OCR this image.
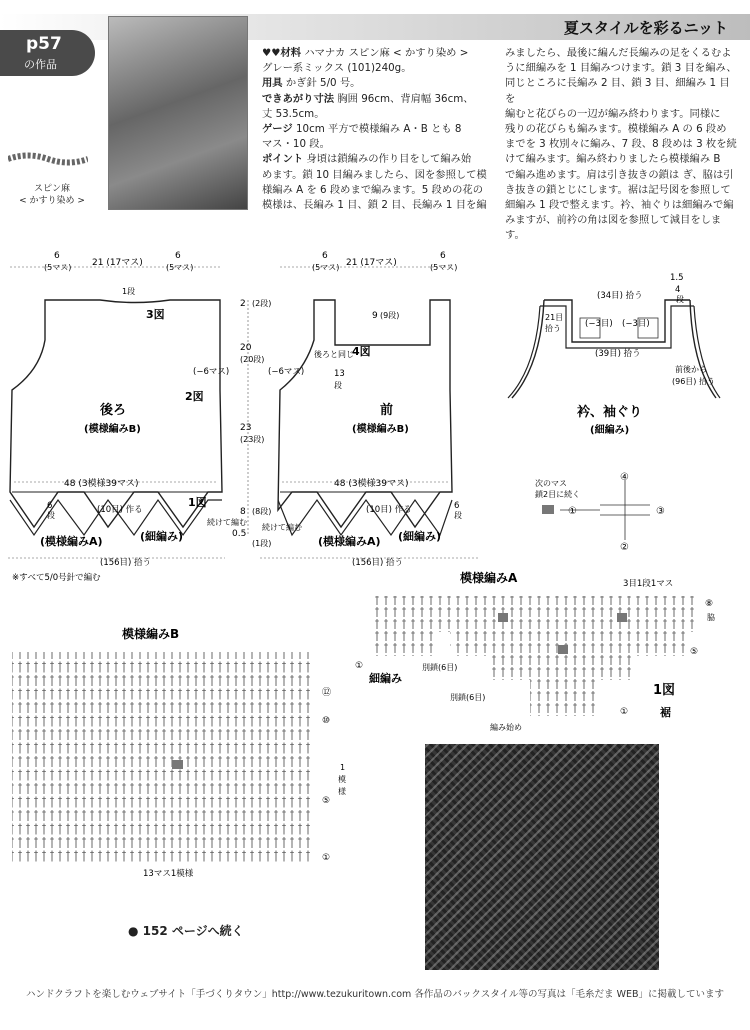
夏スタイルを彩るニット
p57
の作品
スピン麻
< かすり染め >

♥♥材料 ハマナカ スピン麻 < かすり染め >

グレー系ミックス (101)240g。

用具 かぎ針 5/0 号。

できあがり寸法 胸囲 96cm、背肩幅 36cm、

丈 53.5cm。

ゲージ 10cm 平方で模様編み A・B とも 8

マス・10 段。

ポイント 身頃は鎖編みの作り目をして編み始

めます。鎖 10 目編みましたら、図を参照して模

様編み A を 6 段めまで編みます。5 段めの花の

模様は、長編み 1 目、鎖 2 目、長編み 1 目を編

みましたら、最後に編んだ長編みの足をくるむよ
うに細編みを 1 目編みつけます。鎖 3 目を編み、
同じところに長編み 2 目、鎖 3 目、細編み 1 目を
編むと花びらの一辺が編み終わります。同様に
残りの花びらも編みます。模様編み A の 6 段め
までを 3 枚別々に編み、7 段、8 段めは 3 枚を続
けて編みます。編み終わりましたら模様編み B
で編み進めます。肩は引き抜きの鎖は ぎ、脇は引
き抜きの鎖とじにします。裾は記号図を参照して
細編み 1 段で整えます。衿、袖ぐりは細編みで編
みますが、前衿の角は図を参照して減目をします。
6
(5マス) 21 (17マス)
6
(5マス)
1段
3図
2図
(−6マス)
後ろ
(模様編みB)
48 (3模様39マス)
6
段
(10目) 作る
1図
(模様編みA)	(細編み)
(156目) 拾う
続けて編む
2 (2段)
20
(20段)
23
(23段)
8 (8段)
0.5
(1段)
6
(5マス) 21 (17マス)
6
(5マス)
9 (9段)
後ろと同じ
4図
13
段
(−6マス)
前
(模様編みB)
48 (3模様39マス)
6
段
(10目) 作る
続けて編む
(模様編みA) (細編み)
(156目) 拾う
※すべて5/0号針で編む
1.5
4
段
(34目) 拾う
21目
拾う	(−3目) (−3目)
(39目) 拾う
前後から
(96目) 拾う
衿、袖ぐり
(細編み)
次のマス
鎖2目に続く
④
③
②
①
模様編みA	3目1段1マス
⑧
脇
⑤
①
細編み
別鎖(6目)
別鎖(6目)
編み始め
①
1図
裾
模様編みB
⑫
⑩
⑤
①
1
模
様
13マス1模様
● 152 ページへ続く
ハンドクラフトを楽しむウェブサイト「手づくりタウン」http://www.tezukuritown.com 各作品のバックスタイル等の写真は「毛糸だま WEB」に掲載しています
